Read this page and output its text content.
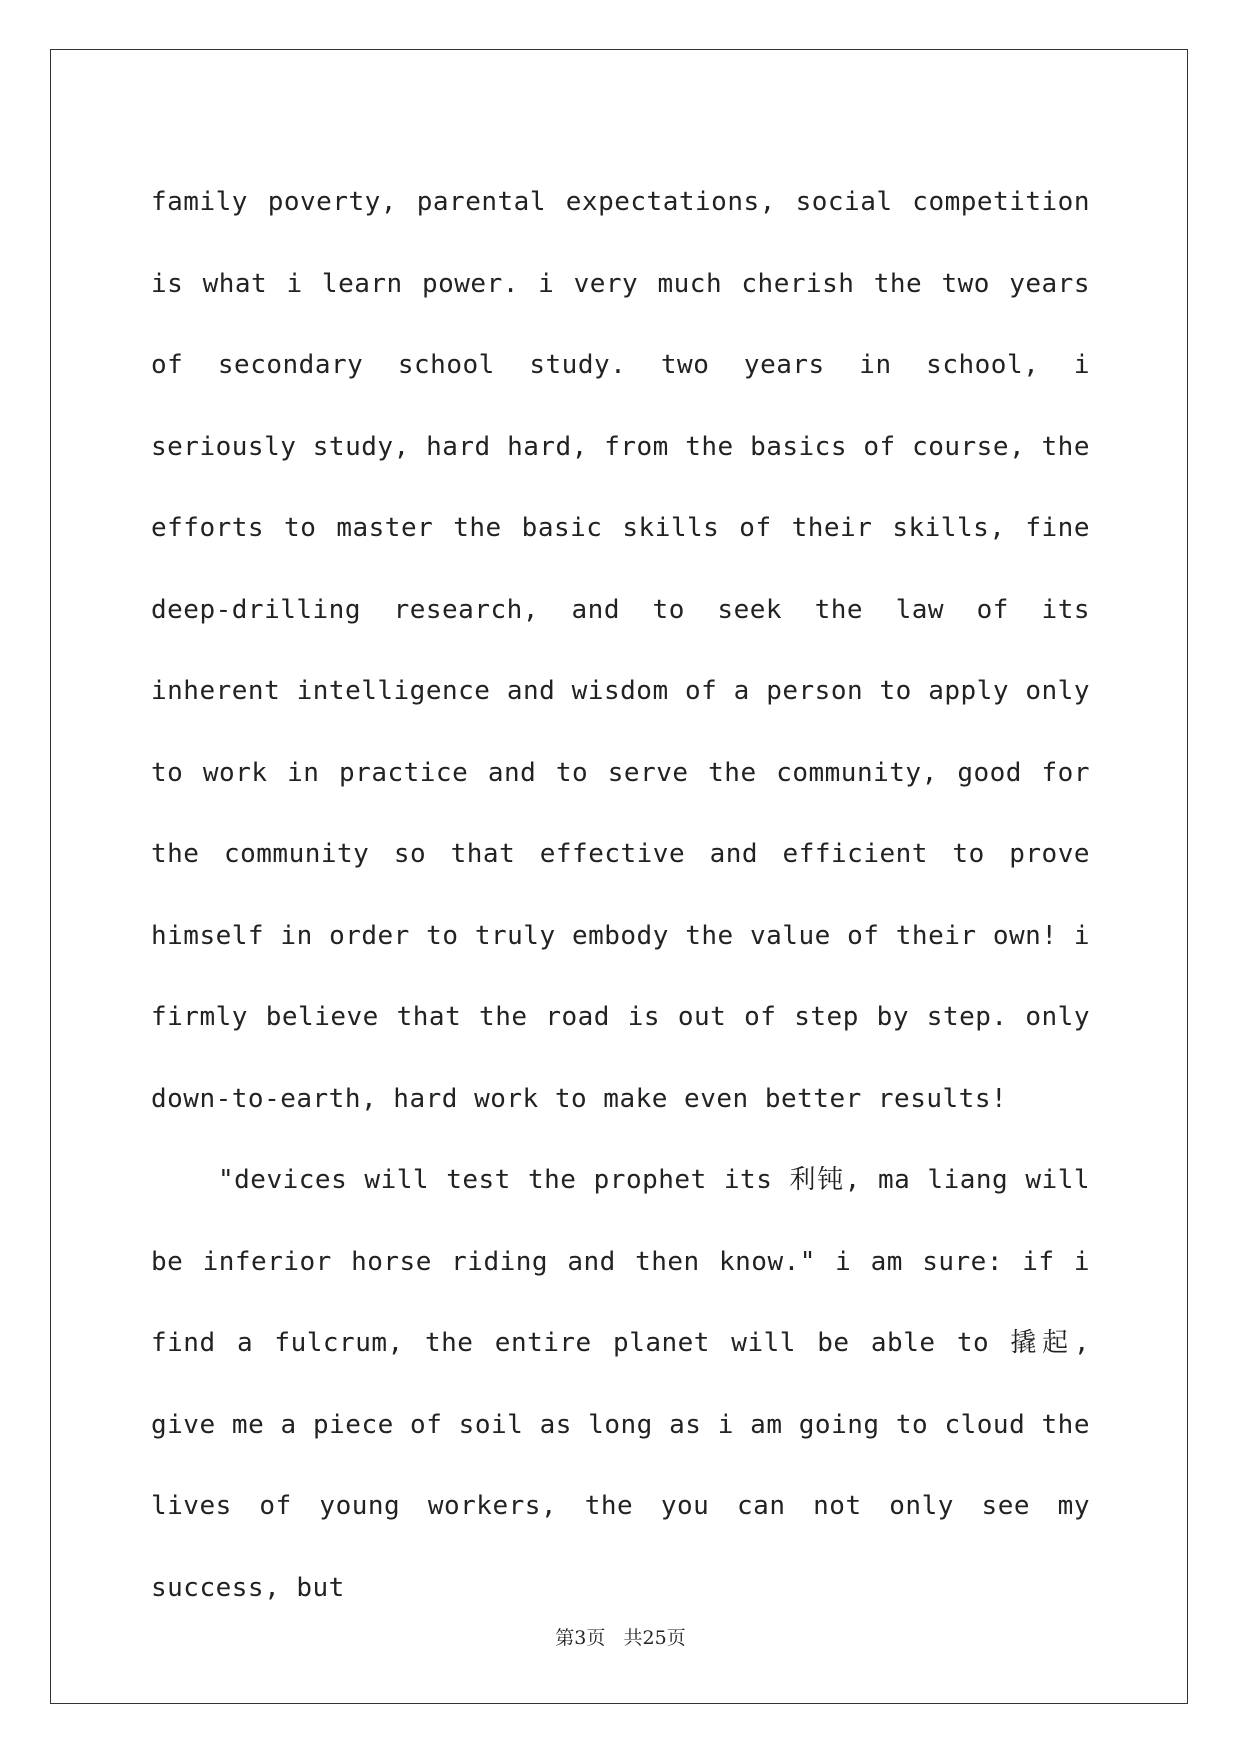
family poverty, parental expectations, social competition is what i learn power. i very much cherish the two years of secondary school study. two years in school, i seriously study, hard hard, from the basics of course, the efforts to master the basic skills of their skills, fine deep-drilling research, and to seek the law of its inherent intelligence and wisdom of a person to apply only to work in practice and to serve the community, good for the community so that effective and efficient to prove himself in order to truly embody the value of their own! i firmly believe that the road is out of step by step. only down-to-earth, hard work to make even better results!

"devices will test the prophet its 利钝, ma liang will be inferior horse riding and then know." i am sure: if i find a fulcrum, the entire planet will be able to 撬起, give me a piece of soil as long as i am going to cloud the lives of young workers, the you can not only see my success, but

第3页 共25页
